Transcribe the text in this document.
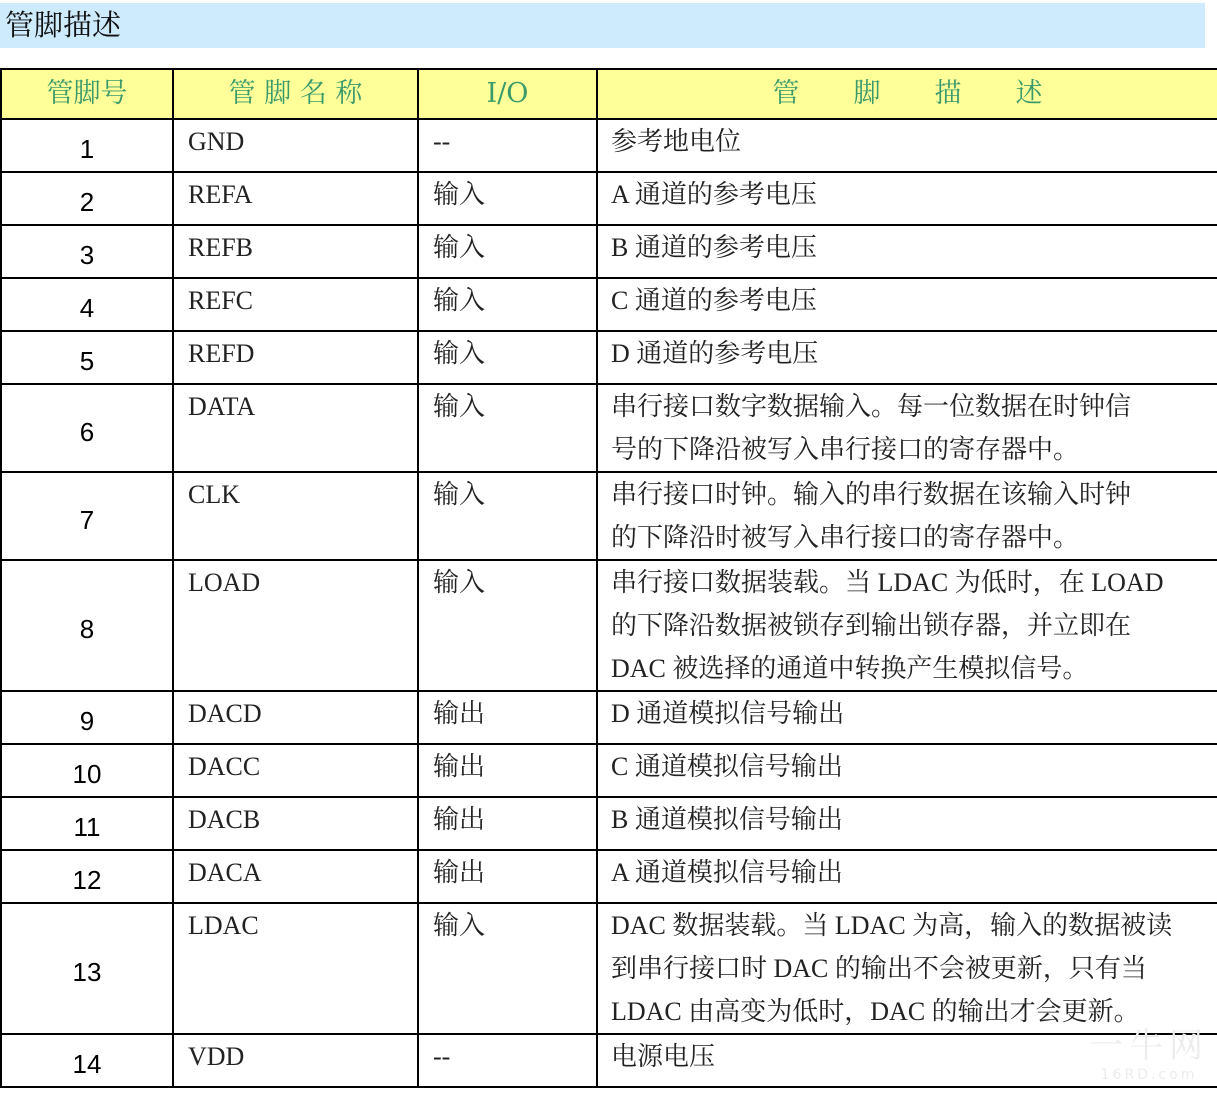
管脚描述
管脚号	管 脚 名 称	I/O	管　　脚　　描　　述
1	GND	--	参考地电位

2	REFA	输入	A 通道的参考电压

3	REFB	输入	B 通道的参考电压

4	REFC	输入	C 通道的参考电压

5	REFD	输入	D 通道的参考电压

6	DATA	输入	串行接口数字数据输入。每一位数据在时钟信
号的下降沿被写入串行接口的寄存器中。

7	CLK	输入	串行接口时钟。输入的串行数据在该输入时钟
的下降沿时被写入串行接口的寄存器中。

8	LOAD	输入	串行接口数据装载。当 LDAC 为低时，在 LOAD
的下降沿数据被锁存到输出锁存器，并立即在
DAC 被选择的通道中转换产生模拟信号。

9	DACD	输出	D 通道模拟信号输出

10	DACC	输出	C 通道模拟信号输出

11	DACB	输出	B 通道模拟信号输出

12	DACA	输出	A 通道模拟信号输出

13	LDAC	输入	DAC 数据装载。当 LDAC 为高，输入的数据被读
到串行接口时 DAC 的输出不会被更新，只有当
LDAC 由高变为低时，DAC 的输出才会更新。

14	VDD	--	电源电压	一牛网
16RD.com
